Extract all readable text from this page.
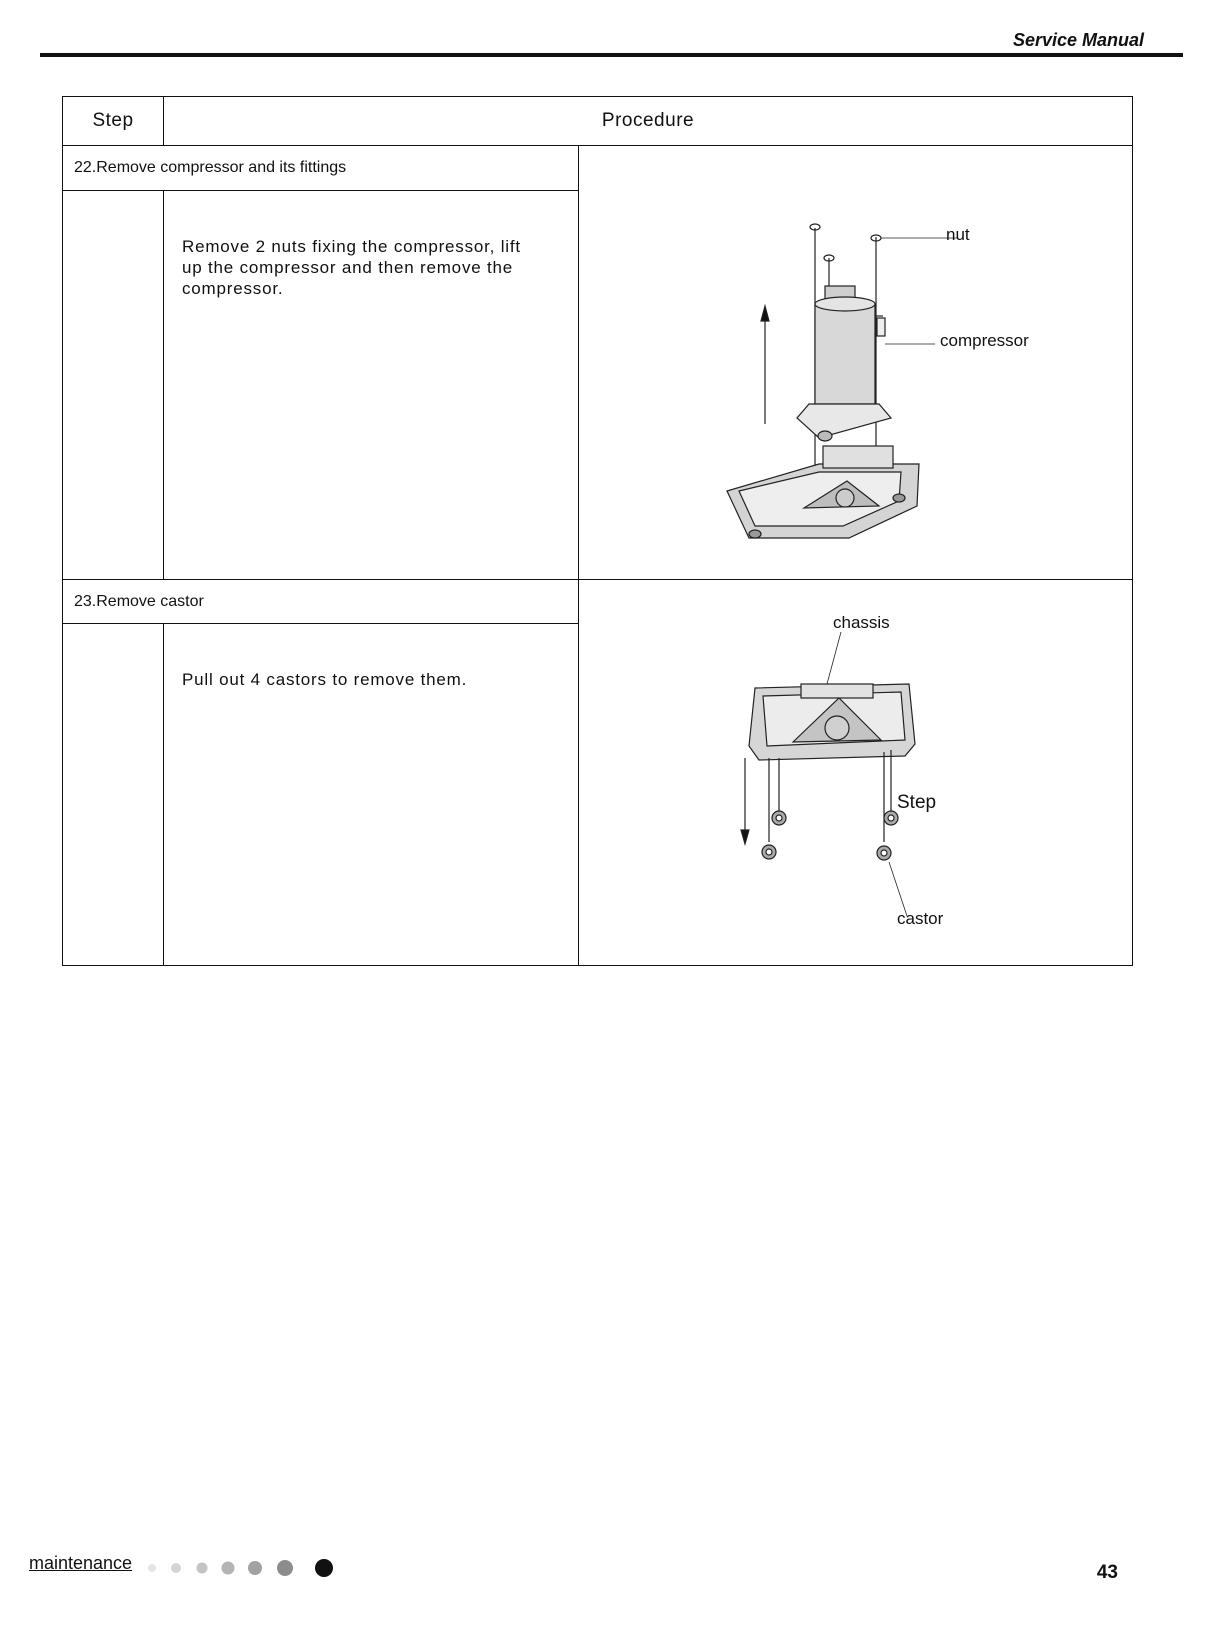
Service Manual
Step	Procedure	
22.Remove compressor and its fittings		nut
compressor

	Remove 2 nuts fixing the compressor, lift up the compressor and then remove the compressor.	
23.Remove castor		chassis
Step
castor

	Pull out 4 castors to remove them.	
maintenance	43
